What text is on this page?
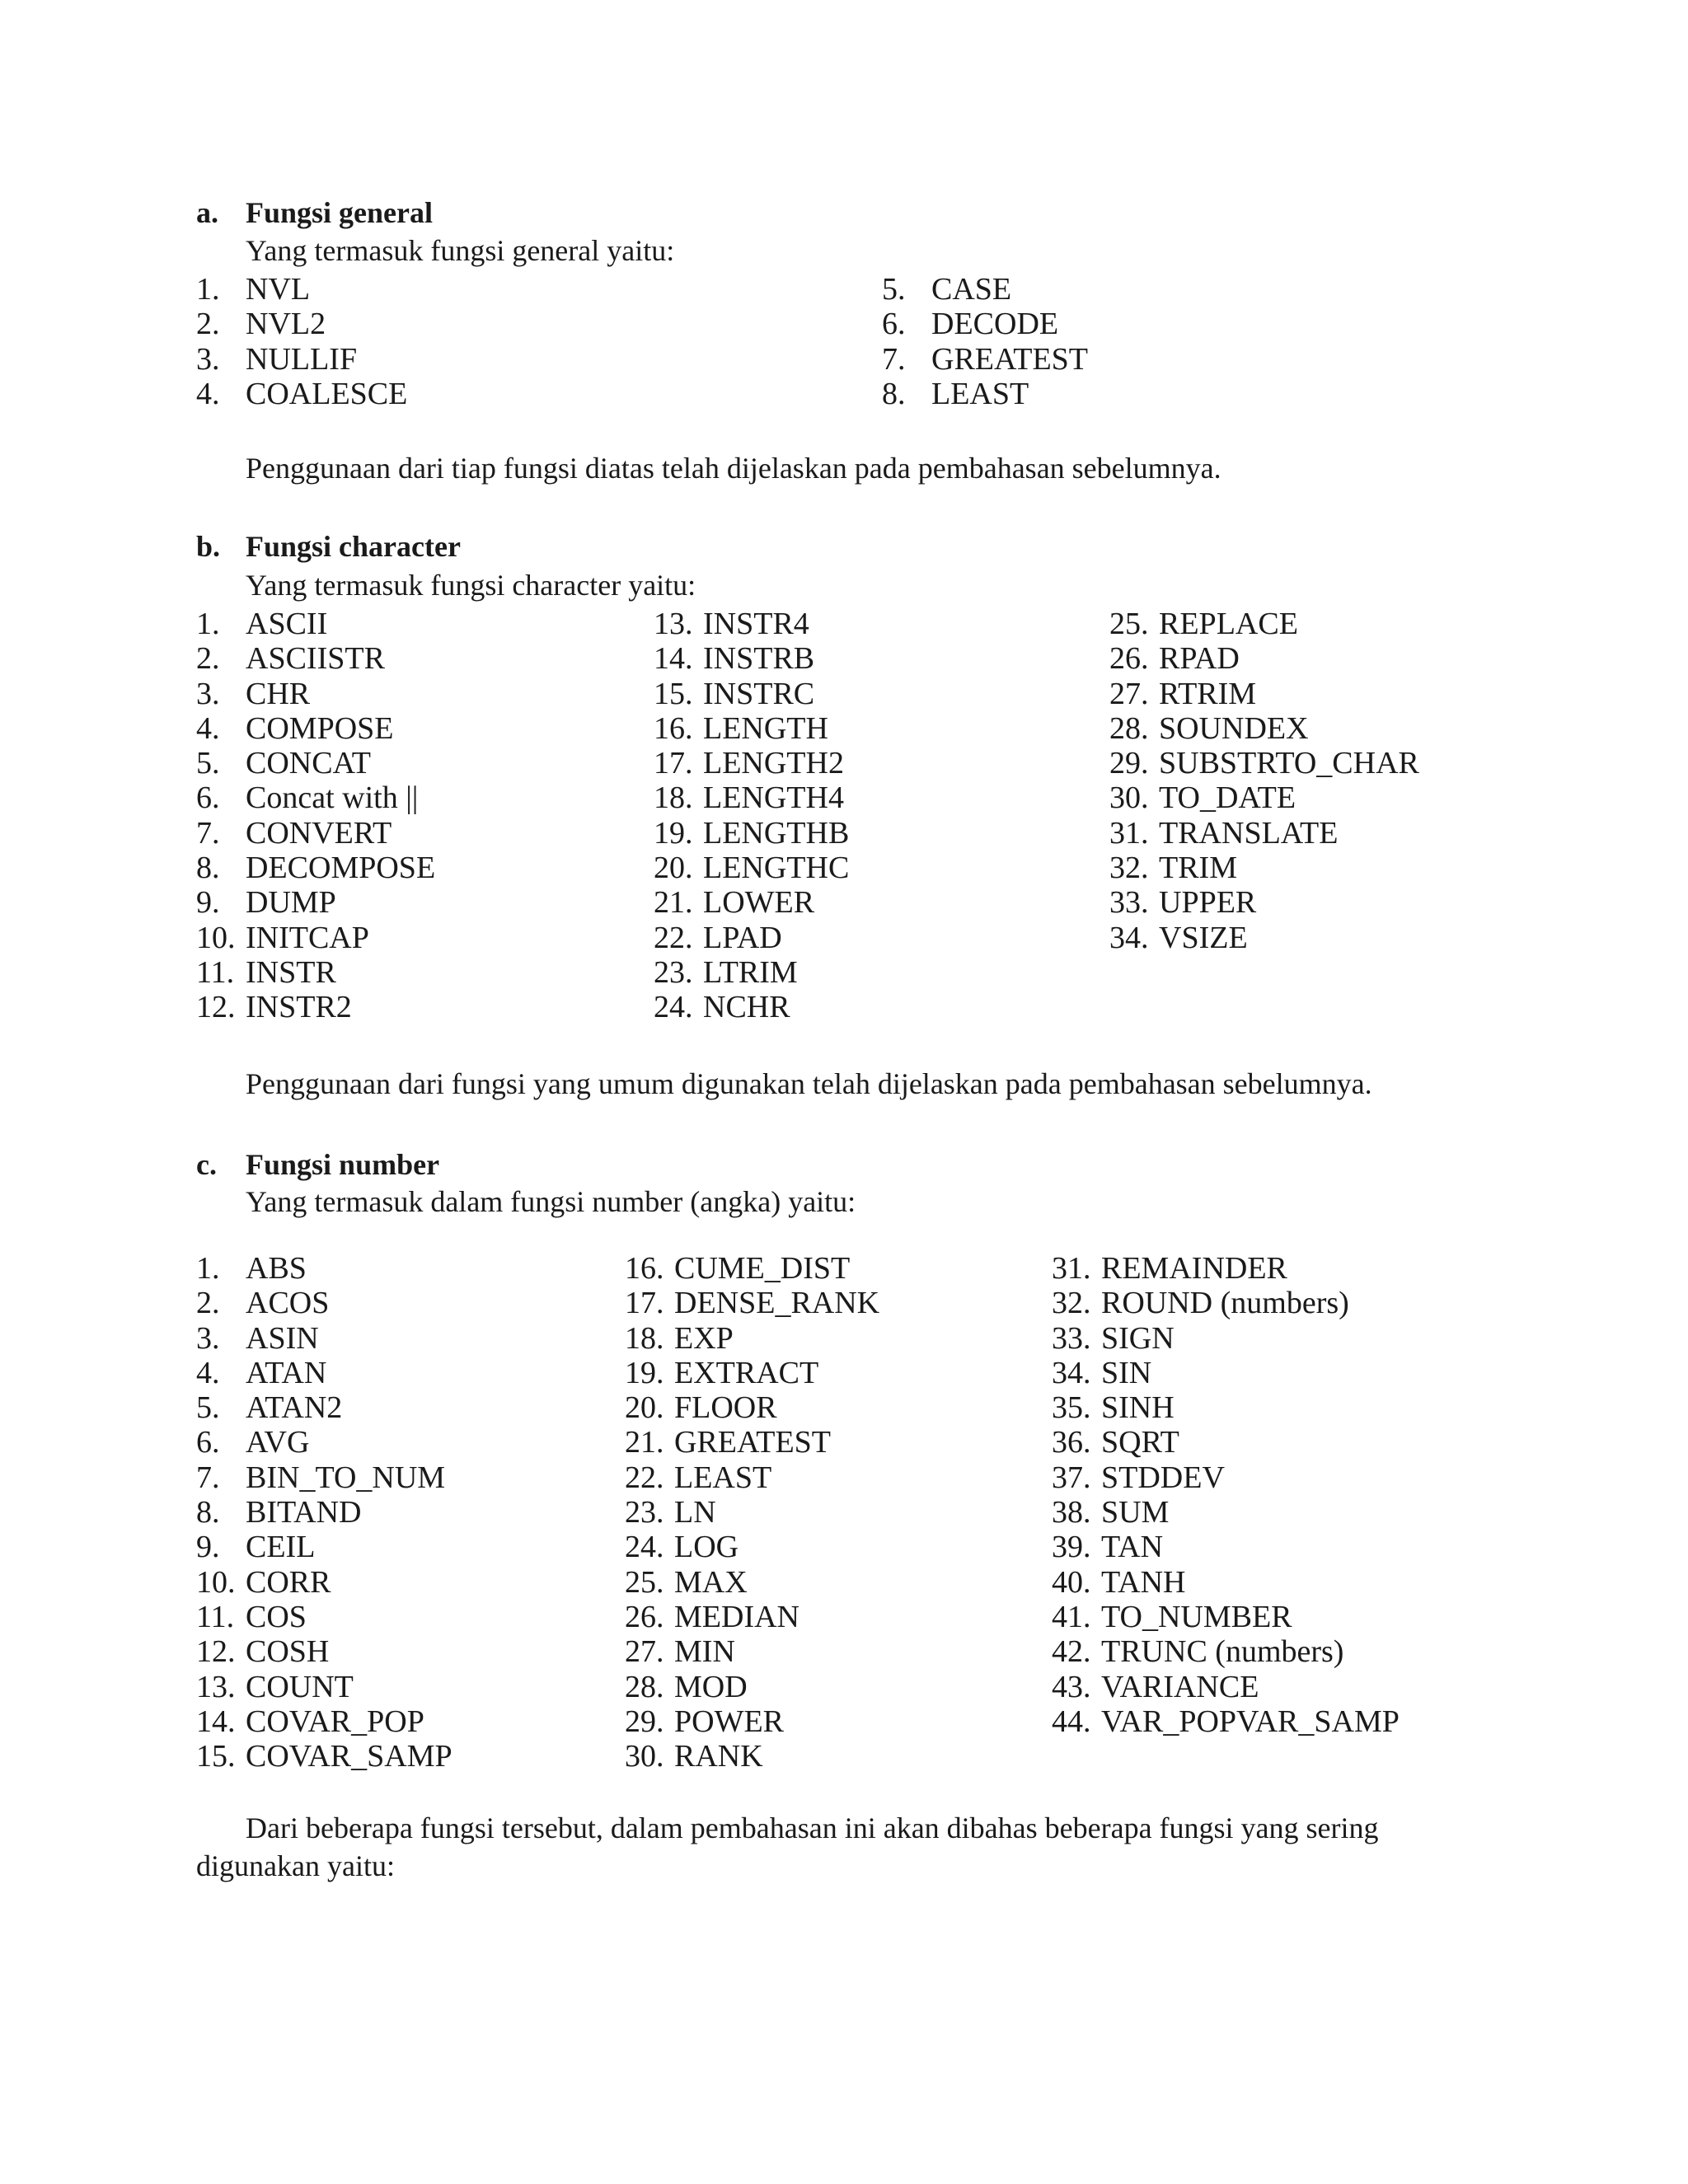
a. Fungsi general
Yang termasuk fungsi general yaitu:
1. NVL
2. NVL2
3. NULLIF
4. COALESCE
5. CASE
6. DECODE
7. GREATEST
8. LEAST
Penggunaan dari tiap fungsi diatas telah dijelaskan pada pembahasan sebelumnya.
b. Fungsi character
Yang termasuk fungsi character yaitu:
1. ASCII
2. ASCIISTR
3. CHR
4. COMPOSE
5. CONCAT
6. Concat with ||
7. CONVERT
8. DECOMPOSE
9. DUMP
10. INITCAP
11. INSTR
12. INSTR2
13. INSTR4
14. INSTRB
15. INSTRC
16. LENGTH
17. LENGTH2
18. LENGTH4
19. LENGTHB
20. LENGTHC
21. LOWER
22. LPAD
23. LTRIM
24. NCHR
25. REPLACE
26. RPAD
27. RTRIM
28. SOUNDEX
29. SUBSTRTO_CHAR
30. TO_DATE
31. TRANSLATE
32. TRIM
33. UPPER
34. VSIZE
Penggunaan dari fungsi yang umum digunakan telah dijelaskan pada pembahasan sebelumnya.
c. Fungsi number
Yang termasuk dalam fungsi number (angka) yaitu:
1. ABS
2. ACOS
3. ASIN
4. ATAN
5. ATAN2
6. AVG
7. BIN_TO_NUM
8. BITAND
9. CEIL
10. CORR
11. COS
12. COSH
13. COUNT
14. COVAR_POP
15. COVAR_SAMP
16. CUME_DIST
17. DENSE_RANK
18. EXP
19. EXTRACT
20. FLOOR
21. GREATEST
22. LEAST
23. LN
24. LOG
25. MAX
26. MEDIAN
27. MIN
28. MOD
29. POWER
30. RANK
31. REMAINDER
32. ROUND (numbers)
33. SIGN
34. SIN
35. SINH
36. SQRT
37. STDDEV
38. SUM
39. TAN
40. TANH
41. TO_NUMBER
42. TRUNC (numbers)
43. VARIANCE
44. VAR_POPVAR_SAMP
Dari beberapa fungsi tersebut, dalam pembahasan ini akan dibahas beberapa fungsi yang sering
digunakan yaitu:
